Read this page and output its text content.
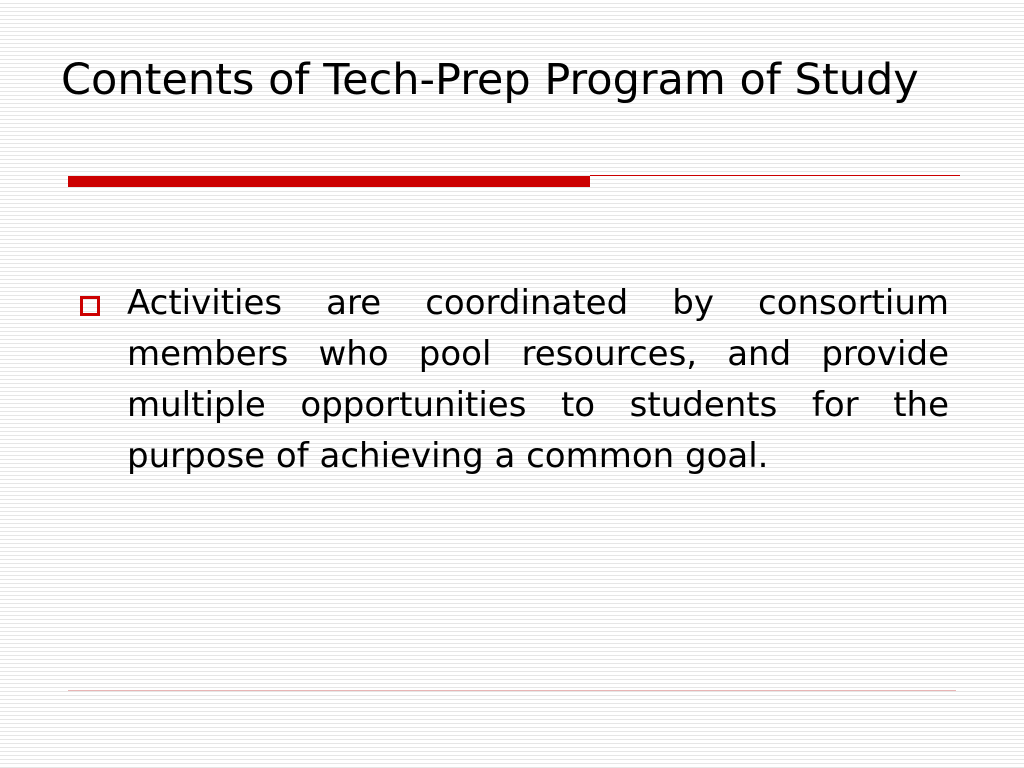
Contents of Tech-Prep Program of Study
Activities are coordinated by consortium members who pool resources, and provide multiple opportunities to students for the purpose of achieving a common goal.
